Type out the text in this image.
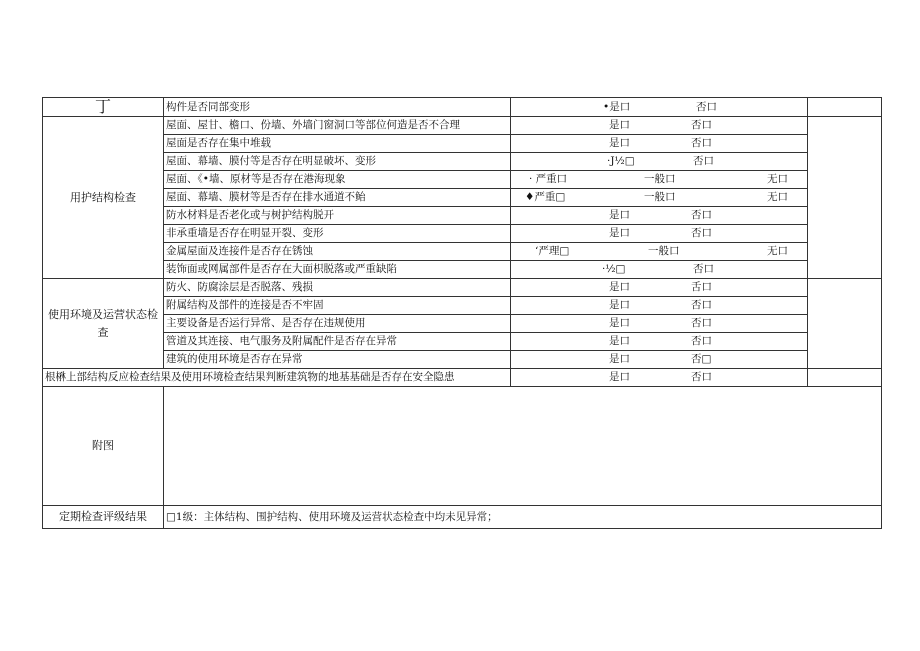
丁	构件是否同部变形	•是口 否口	

用护结构检查	屋面、屋甘、檐口、份墙、外墙门窗洞口等部位何造是否不合理	是口 否口	

	屋面是否存在集中堆载	是口 否口	

	屋面、幕墙、膜付等是否存在明显破坏、变形	·J½□ 否口	

	屋面、《•墙、原材等是否存在港海现象	· 严重口 一般口 无口	

	屋面、幕墙、膜材等是否存在排水通道不鲐	♦严重□ 一般口 无口	

	防水材料是否老化或与树护结构脱开	是口 否口	

	非承重墙是否存在明显开裂、变形	是口 否口	

	金属屋面及连接件是否存在锈蚀	‘严理□ 一般口 无口	

	装饰面或网属部件是否存在大面枳脱落或严重缺陷	·½□ 否口	

使用环境及运营状态检查	防火、防腐涂层是否脱落、残损	是口 舌口	

	附属结构及部件的连接是否不牢固	是口 否口	

	主要设备是否运行异常、是否存在违规使用	是口 否口	

	管道及其连接、电气服务及附属配件是否存在异常	是口 否口	

	建筑的使用环境是否存在异常	是口 否□	

根楙上部结构反应检查结果及使用环境检查结果判断建筑物的地基基础是否存在安全隐患		是口 否口	

附图			
定期检查评级结果	□1级：主体结构、围护结构、使用环境及运营状态检查中均未见异常；		
